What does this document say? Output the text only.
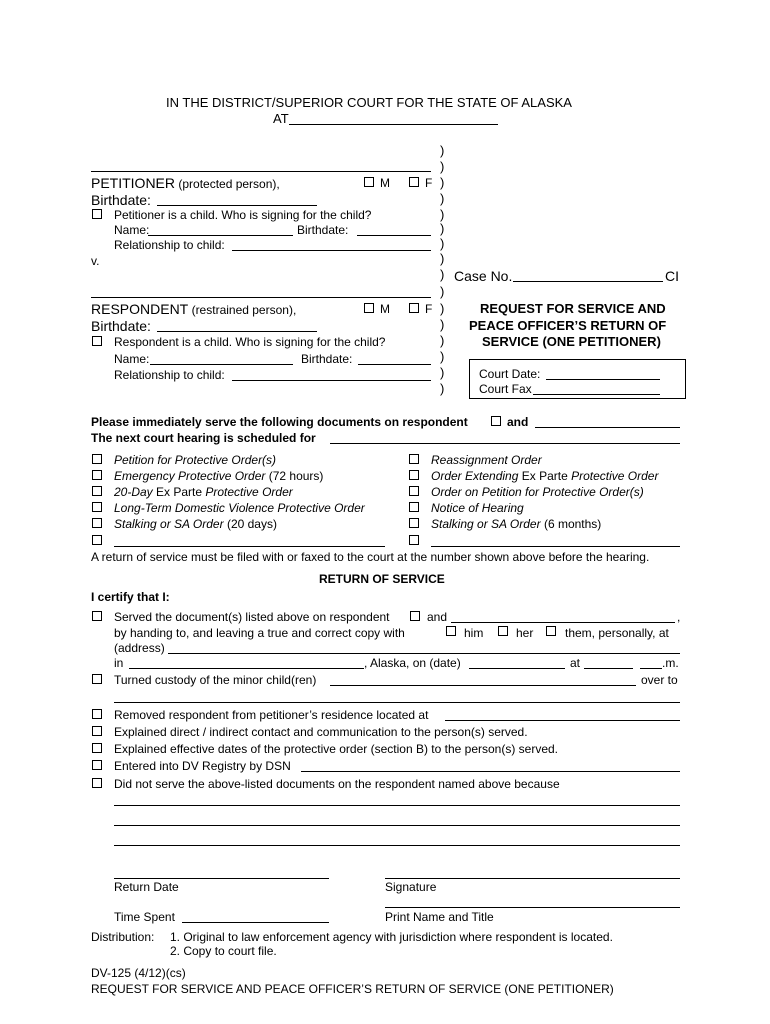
IN THE DISTRICT/SUPERIOR COURT FOR THE STATE OF ALASKA
AT
)
)
)
)
)
)
)
)
)
)
)
)
)
)
)
)
PETITIONER (protected person),	M	F
Birthdate:
Petitioner is a child. Who is signing for the child?
Name:	Birthdate:
Relationship to child:
v.
RESPONDENT (restrained person),	M	F
Birthdate:
Respondent is a child. Who is signing for the child?
Name:	Birthdate:
Relationship to child:
Case No.	CI
REQUEST FOR SERVICE AND
PEACE OFFICER’S RETURN OF
SERVICE (ONE PETITIONER)
Court Date:
Court Fax
Please immediately serve the following documents on respondent	and
The next court hearing is scheduled for
Petition for Protective Order(s)
Emergency Protective Order (72 hours)
20-Day Ex Parte Protective Order
Long-Term Domestic Violence Protective Order
Stalking or SA Order (20 days)
Reassignment Order
Order Extending Ex Parte Protective Order
Order on Petition for Protective Order(s)
Notice of Hearing
Stalking or SA Order (6 months)
A return of service must be filed with or faxed to the court at the number shown above before the hearing.
RETURN OF SERVICE
I certify that I:
Served the document(s) listed above on respondent	and	,
by handing to, and leaving a true and correct copy with	him	her	them, personally, at
(address)
in	, Alaska, on (date)	at	.m.
Turned custody of the minor child(ren)	over to
Removed respondent from petitioner’s residence located at
Explained direct / indirect contact and communication to the person(s) served.
Explained effective dates of the protective order (section B) to the person(s) served.
Entered into DV Registry by DSN
Did not serve the above-listed documents on the respondent named above because
Return Date	Signature
Time Spent	Print Name and Title
Distribution: 1. Original to law enforcement agency with jurisdiction where respondent is located.
2. Copy to court file.
DV-125 (4/12)(cs)
REQUEST FOR SERVICE AND PEACE OFFICER’S RETURN OF SERVICE (ONE PETITIONER)
